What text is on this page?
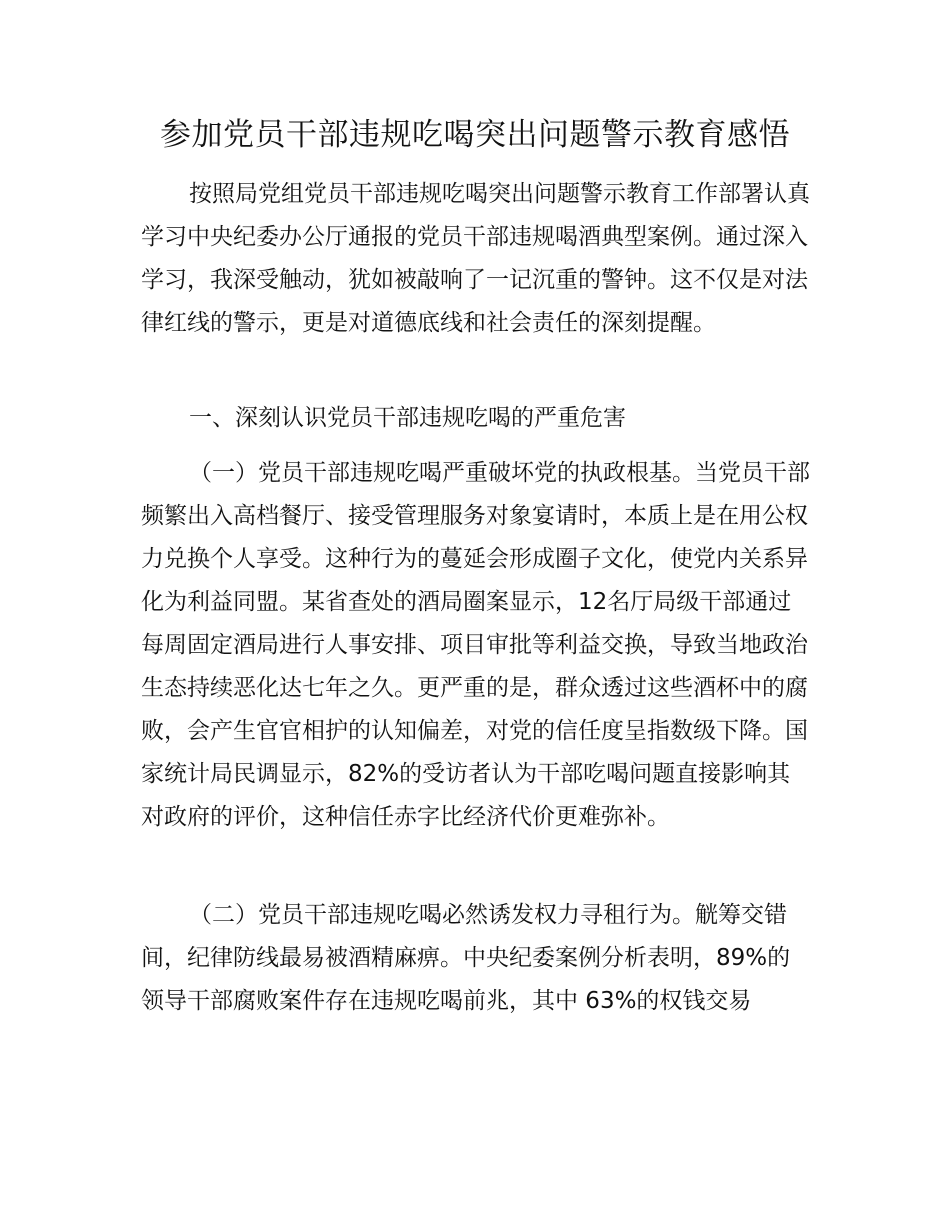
参加党员干部违规吃喝突出问题警示教育感悟

按照局党组党员干部违规吃喝突出问题警示教育工作部署认真学习中央纪委办公厅通报的党员干部违规喝酒典型案例。通过深入学习，我深受触动，犹如被敲响了一记沉重的警钟。这不仅是对法律红线的警示，更是对道德底线和社会责任的深刻提醒。

一、深刻认识党员干部违规吃喝的严重危害

（一）党员干部违规吃喝严重破坏党的执政根基。当党员干部频繁出入高档餐厅、接受管理服务对象宴请时，本质上是在用公权力兑换个人享受。这种行为的蔓延会形成圈子文化，使党内关系异化为利益同盟。某省查处的酒局圈案显示，12名厅局级干部通过每周固定酒局进行人事安排、项目审批等利益交换，导致当地政治生态持续恶化达七年之久。更严重的是，群众透过这些酒杯中的腐败，会产生官官相护的认知偏差，对党的信任度呈指数级下降。国家统计局民调显示，82%的受访者认为干部吃喝问题直接影响其对政府的评价，这种信任赤字比经济代价更难弥补。

（二）党员干部违规吃喝必然诱发权力寻租行为。觥筹交错间，纪律防线最易被酒精麻痹。中央纪委案例分析表明，89%的领导干部腐败案件存在违规吃喝前兆，其中 63%的权钱交易
